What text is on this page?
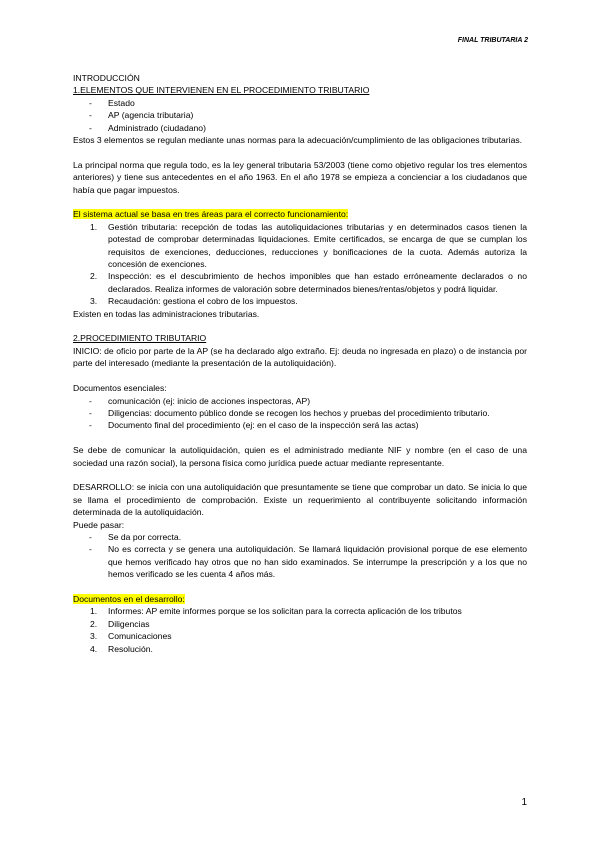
FINAL TRIBUTARIA 2

INTRODUCCIÓN

1.ELEMENTOS QUE INTERVIENEN EN EL PROCEDIMIENTO TRIBUTARIO

- Estado
- AP (agencia tributaria)
- Administrado (ciudadano)

Estos 3 elementos se regulan mediante unas normas para la adecuación/cumplimiento de las obligaciones tributarias.

La principal norma que regula todo, es la ley general tributaria 53/2003 (tiene como objetivo regular los tres elementos anteriores) y tiene sus antecedentes en el año 1963. En el año 1978 se empieza a concienciar a los ciudadanos que había que pagar impuestos.

El sistema actual se basa en tres áreas para el correcto funcionamiento:

1. Gestión tributaria: recepción de todas las autoliquidaciones tributarias y en determinados casos tienen la potestad de comprobar determinadas liquidaciones. Emite certificados, se encarga de que se cumplan los requisitos de exenciones, deducciones, reducciones y bonificaciones de la cuota. Además autoriza la concesión de exenciones.
2. Inspección: es el descubrimiento de hechos imponibles que han estado erróneamente declarados o no declarados. Realiza informes de valoración sobre determinados bienes/rentas/objetos y podrá liquidar.
3. Recaudación: gestiona el cobro de los impuestos.

Existen en todas las administraciones tributarias.

2.PROCEDIMIENTO TRIBUTARIO

INICIO: de oficio por parte de la AP (se ha declarado algo extraño. Ej: deuda no ingresada en plazo) o de instancia por parte del interesado (mediante la presentación de la autoliquidación).

Documentos esenciales:

- comunicación (ej: inicio de acciones inspectoras, AP)
- Diligencias: documento público donde se recogen los hechos y pruebas del procedimiento tributario.
- Documento final del procedimiento (ej: en el caso de la inspección será las actas)

Se debe de comunicar la autoliquidación, quien es el administrado mediante NIF y nombre (en el caso de una sociedad una razón social), la persona física como jurídica puede actuar mediante representante.

DESARROLLO: se inicia con una autoliquidación que presuntamente se tiene que comprobar un dato. Se inicia lo que se llama el procedimiento de comprobación. Existe un requerimiento al contribuyente solicitando información determinada de la autoliquidación.

Puede pasar:

- Se da por correcta.
- No es correcta y se genera una autoliquidación. Se llamará liquidación provisional porque de ese elemento que hemos verificado hay otros que no han sido examinados. Se interrumpe la prescripción y a los que no hemos verificado se les cuenta 4 años más.

Documentos en el desarrollo:

1. Informes: AP emite informes porque se los solicitan para la correcta aplicación de los tributos
2. Diligencias
3. Comunicaciones
4. Resolución.
1
